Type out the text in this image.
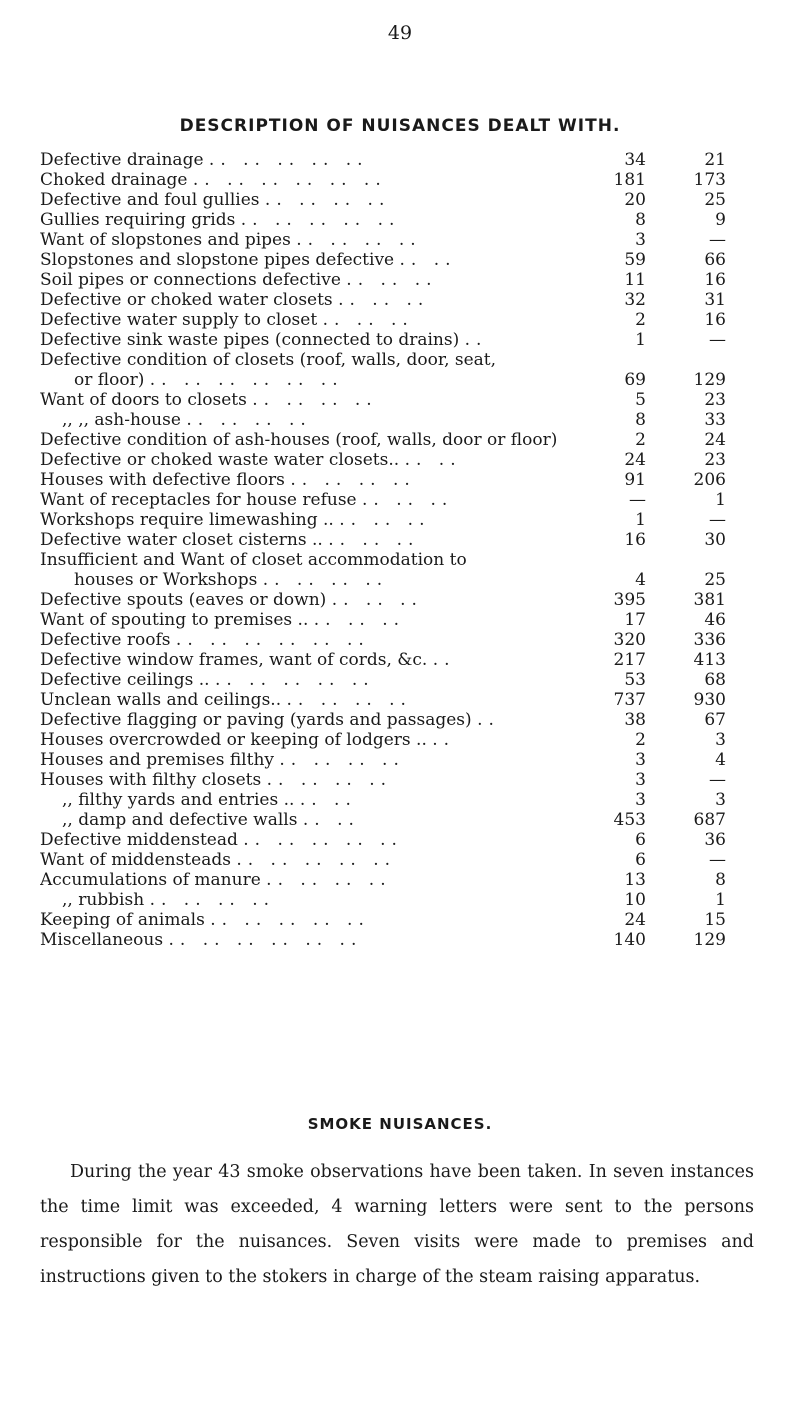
49
DESCRIPTION OF NUISANCES DEALT WITH.
Defective drainage .. .. .. .. ..	34	21
Choked drainage .. .. .. .. .. ..	181	173
Defective and foul gullies .. .. .. ..	20	25
Gullies requiring grids .. .. .. .. ..	8	9
Want of slopstones and pipes .. .. .. ..	3	—
Slopstones and slopstone pipes defective .. ..	59	66
Soil pipes or connections defective .. .. ..	11	16
Defective or choked water closets .. .. ..	32	31
Defective water supply to closet .. .. ..	2	16
Defective sink waste pipes (connected to drains) ..	1	—
Defective condition of closets (roof, walls, door, seat,
or floor) .. .. .. .. .. ..	69	129
Want of doors to closets .. .. .. ..	5	23
,, ,, ash-house .. .. .. ..	8	33
Defective condition of ash-houses (roof, walls, door or floor)	2	24
Defective or choked waste water closets.. .. ..	24	23
Houses with defective floors .. .. .. ..	91	206
Want of receptacles for house refuse .. .. ..	—	1
Workshops require limewashing .. .. .. ..	1	—
Defective water closet cisterns .. .. .. ..	16	30
Insufficient and Want of closet accommodation to
houses or Workshops .. .. .. ..	4	25
Defective spouts (eaves or down) .. .. ..	395	381
Want of spouting to premises .. .. .. ..	17	46
Defective roofs .. .. .. .. .. ..	320	336
Defective window frames, want of cords, &c. ..	217	413
Defective ceilings .. .. .. .. .. ..	53	68
Unclean walls and ceilings.. .. .. .. ..	737	930
Defective flagging or paving (yards and passages) ..	38	67
Houses overcrowded or keeping of lodgers .. ..	2	3
Houses and premises filthy .. .. .. ..	3	4
Houses with filthy closets .. .. .. ..	3	—
,, filthy yards and entries .. .. ..	3	3
,, damp and defective walls .. ..	453	687
Defective middenstead .. .. .. .. ..	6	36
Want of middensteads .. .. .. .. ..	6	—
Accumulations of manure .. .. .. ..	13	8
,, rubbish .. .. .. ..	10	1
Keeping of animals .. .. .. .. ..	24	15
Miscellaneous .. .. .. .. .. ..	140	129
SMOKE NUISANCES.
During the year 43 smoke observations have been taken. In seven instances the time limit was exceeded, 4 warning letters were sent to the persons responsible for the nuisances. Seven visits were made to premises and instructions given to the stokers in charge of the steam raising apparatus.
